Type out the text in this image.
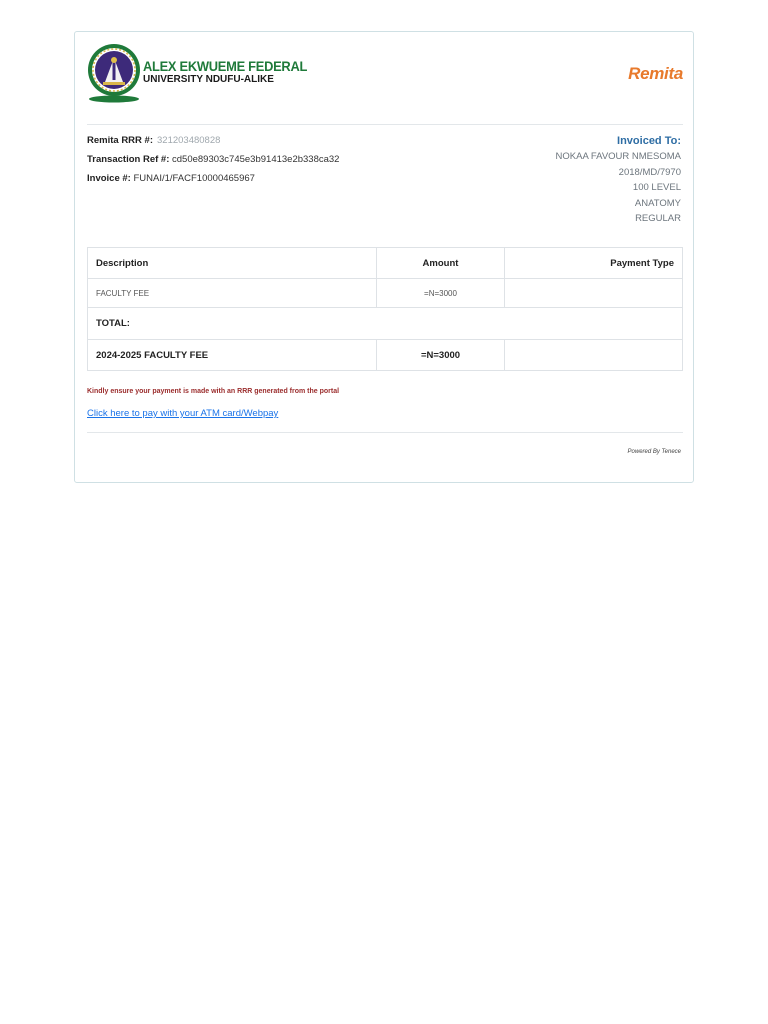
ALEX EKWUEME FEDERAL
UNIVERSITY NDUFU-ALIKE	Remita
Remita RRR #: 321203480828
Transaction Ref #: cd50e89303c745e3b91413e2b338ca32
Invoice #: FUNAI/1/FACF10000465967
Invoiced To:
NOKAA FAVOUR NMESOMA
2018/MD/7970
100 LEVEL
ANATOMY
REGULAR
Description	Amount	Payment Type
FACULTY FEE	=N=3000	
TOTAL:		
2024-2025 FACULTY FEE	=N=3000	
Kindly ensure your payment is made with an RRR generated from the portal
Click here to pay with your ATM card/Webpay
Powered By Tenece
